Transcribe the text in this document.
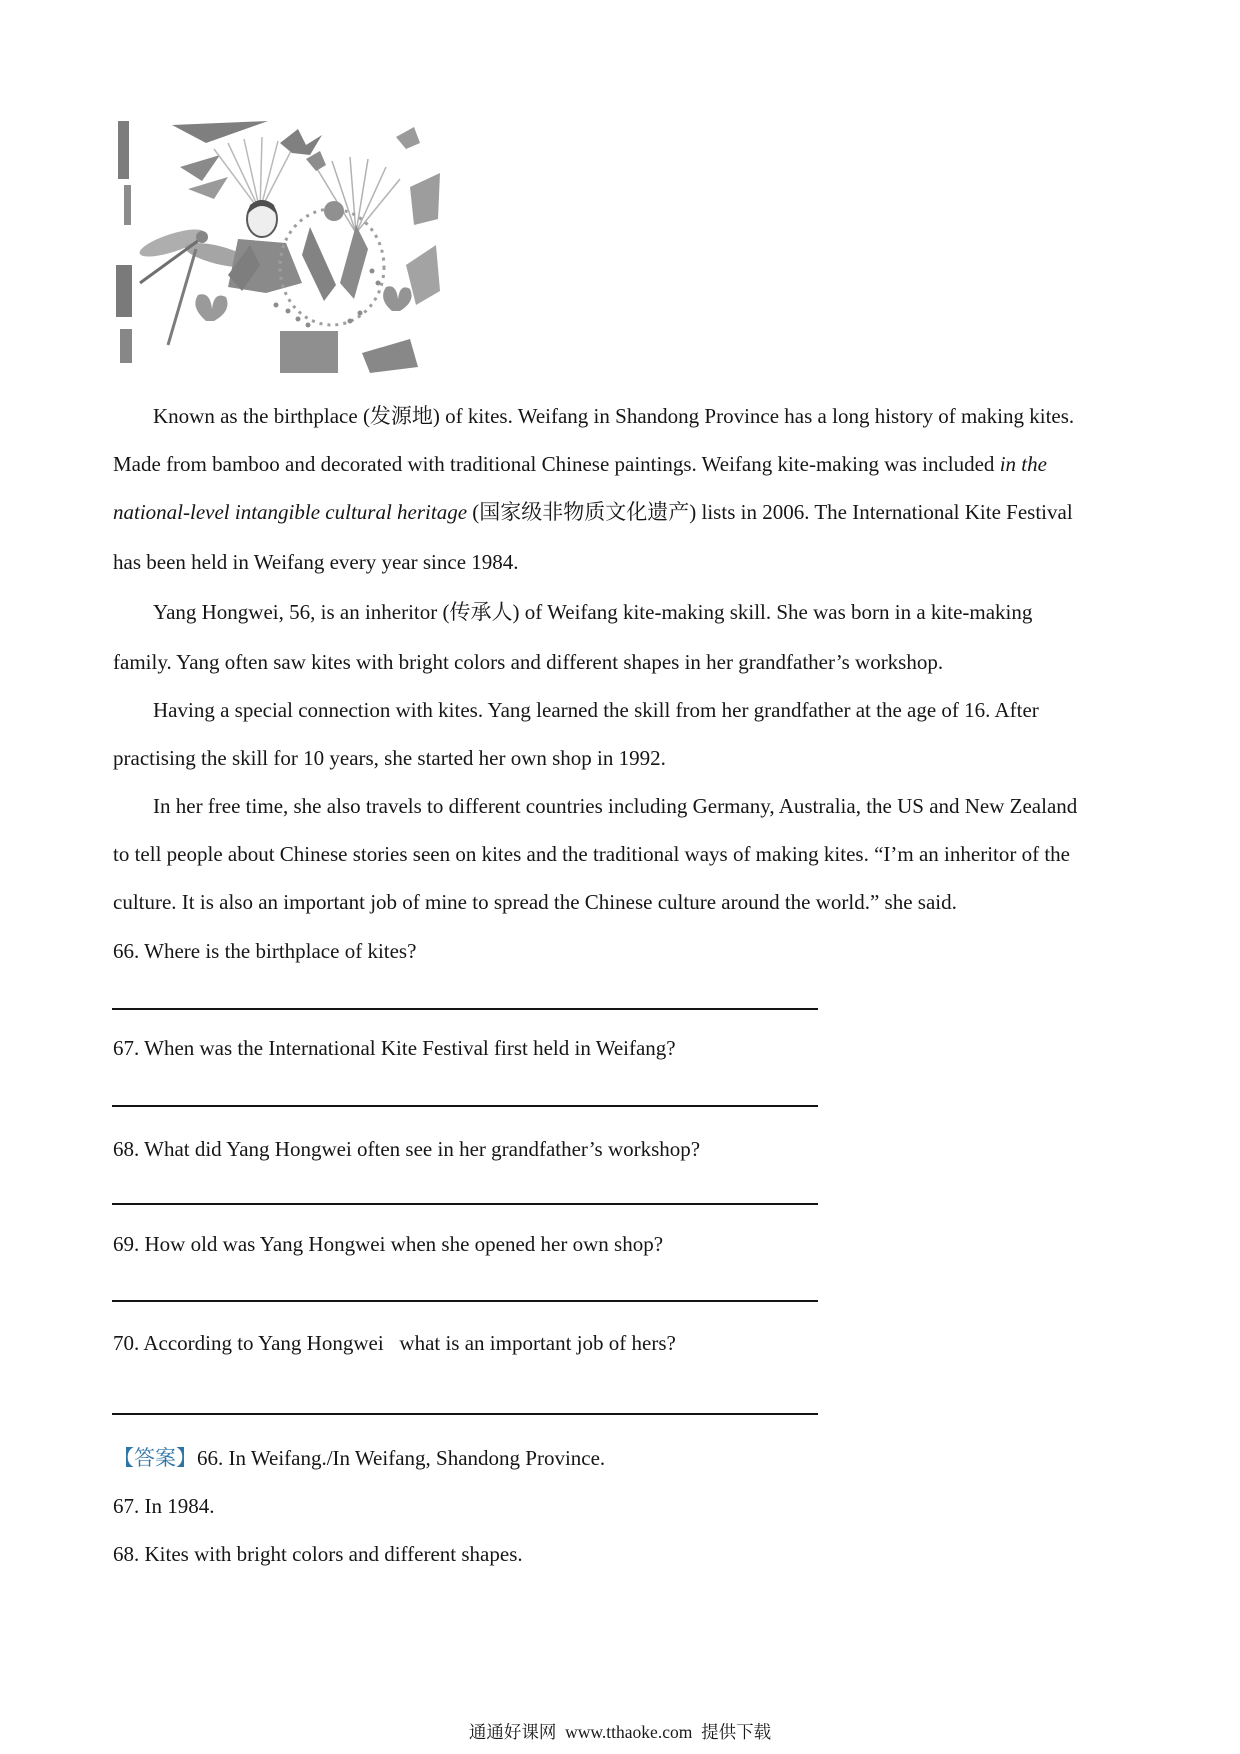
Known as the birthplace (发源地) of kites. Weifang in Shandong Province has a long history of making kites.
Made from bamboo and decorated with traditional Chinese paintings. Weifang kite-making was included in the
national-level intangible cultural heritage (国家级非物质文化遗产) lists in 2006. The International Kite Festival
has been held in Weifang every year since 1984.
Yang Hongwei, 56, is an inheritor (传承人) of Weifang kite-making skill. She was born in a kite-making
family. Yang often saw kites with bright colors and different shapes in her grandfather’s workshop.
Having a special connection with kites. Yang learned the skill from her grandfather at the age of 16. After
practising the skill for 10 years, she started her own shop in 1992.
In her free time, she also travels to different countries including Germany, Australia, the US and New Zealand
to tell people about Chinese stories seen on kites and the traditional ways of making kites. “I’m an inheritor of the
culture. It is also an important job of mine to spread the Chinese culture around the world.” she said.
66. Where is the birthplace of kites?
67. When was the International Kite Festival first held in Weifang?
68. What did Yang Hongwei often see in her grandfather’s workshop?
69. How old was Yang Hongwei when she opened her own shop?
70. According to Yang Hongwei   what is an important job of hers?
【答案】66. In Weifang./In Weifang, Shandong Province.
67. In 1984.
68. Kites with bright colors and different shapes.
通通好课网  www.tthaoke.com  提供下载
